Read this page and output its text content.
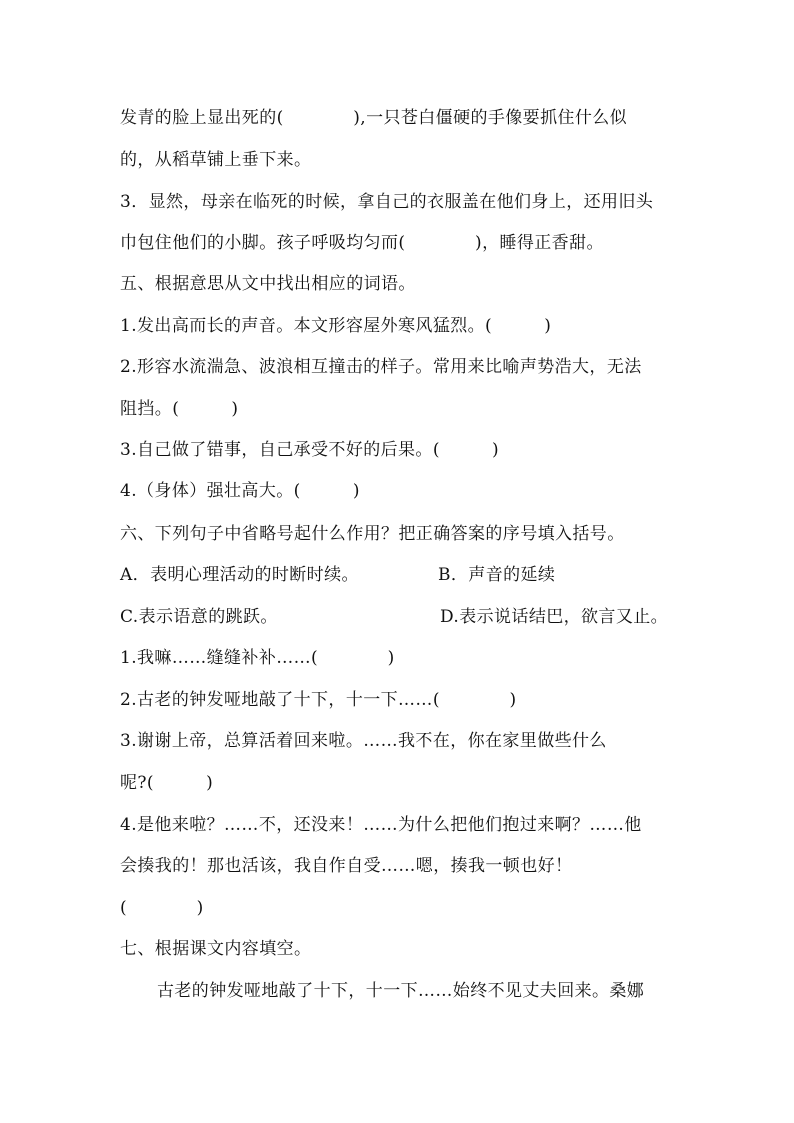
发青的脸上显出死的(　　　　),一只苍白僵硬的手像要抓住什么似
的，从稻草铺上垂下来。
3．显然，母亲在临死的时候，拿自己的衣服盖在他们身上，还用旧头
巾包住他们的小脚。孩子呼吸均匀而(　　　　)，睡得正香甜。
五、根据意思从文中找出相应的词语。
1.发出高而长的声音。本文形容屋外寒风猛烈。(　　　)
2.形容水流湍急、波浪相互撞击的样子。常用来比喻声势浩大，无法
阻挡。(　　　)
3.自己做了错事，自己承受不好的后果。(　　　)
4.（身体）强壮高大。(　　　)
六、下列句子中省略号起什么作用？把正确答案的序号填入括号。
A．表明心理活动的时断时续。	B．声音的延续
C.表示语意的跳跃。	D.表示说话结巴，欲言又止。
1.我嘛……缝缝补补……(　　　　)
2.古老的钟发哑地敲了十下，十一下……(　　　　)
3.谢谢上帝，总算活着回来啦。……我不在，你在家里做些什么
呢?(　　　)
4.是他来啦？……不，还没来！……为什么把他们抱过来啊？……他
会揍我的！那也活该，我自作自受……嗯，揍我一顿也好！
(　　　　)
七、根据课文内容填空。
古老的钟发哑地敲了十下，十一下……始终不见丈夫回来。桑娜
